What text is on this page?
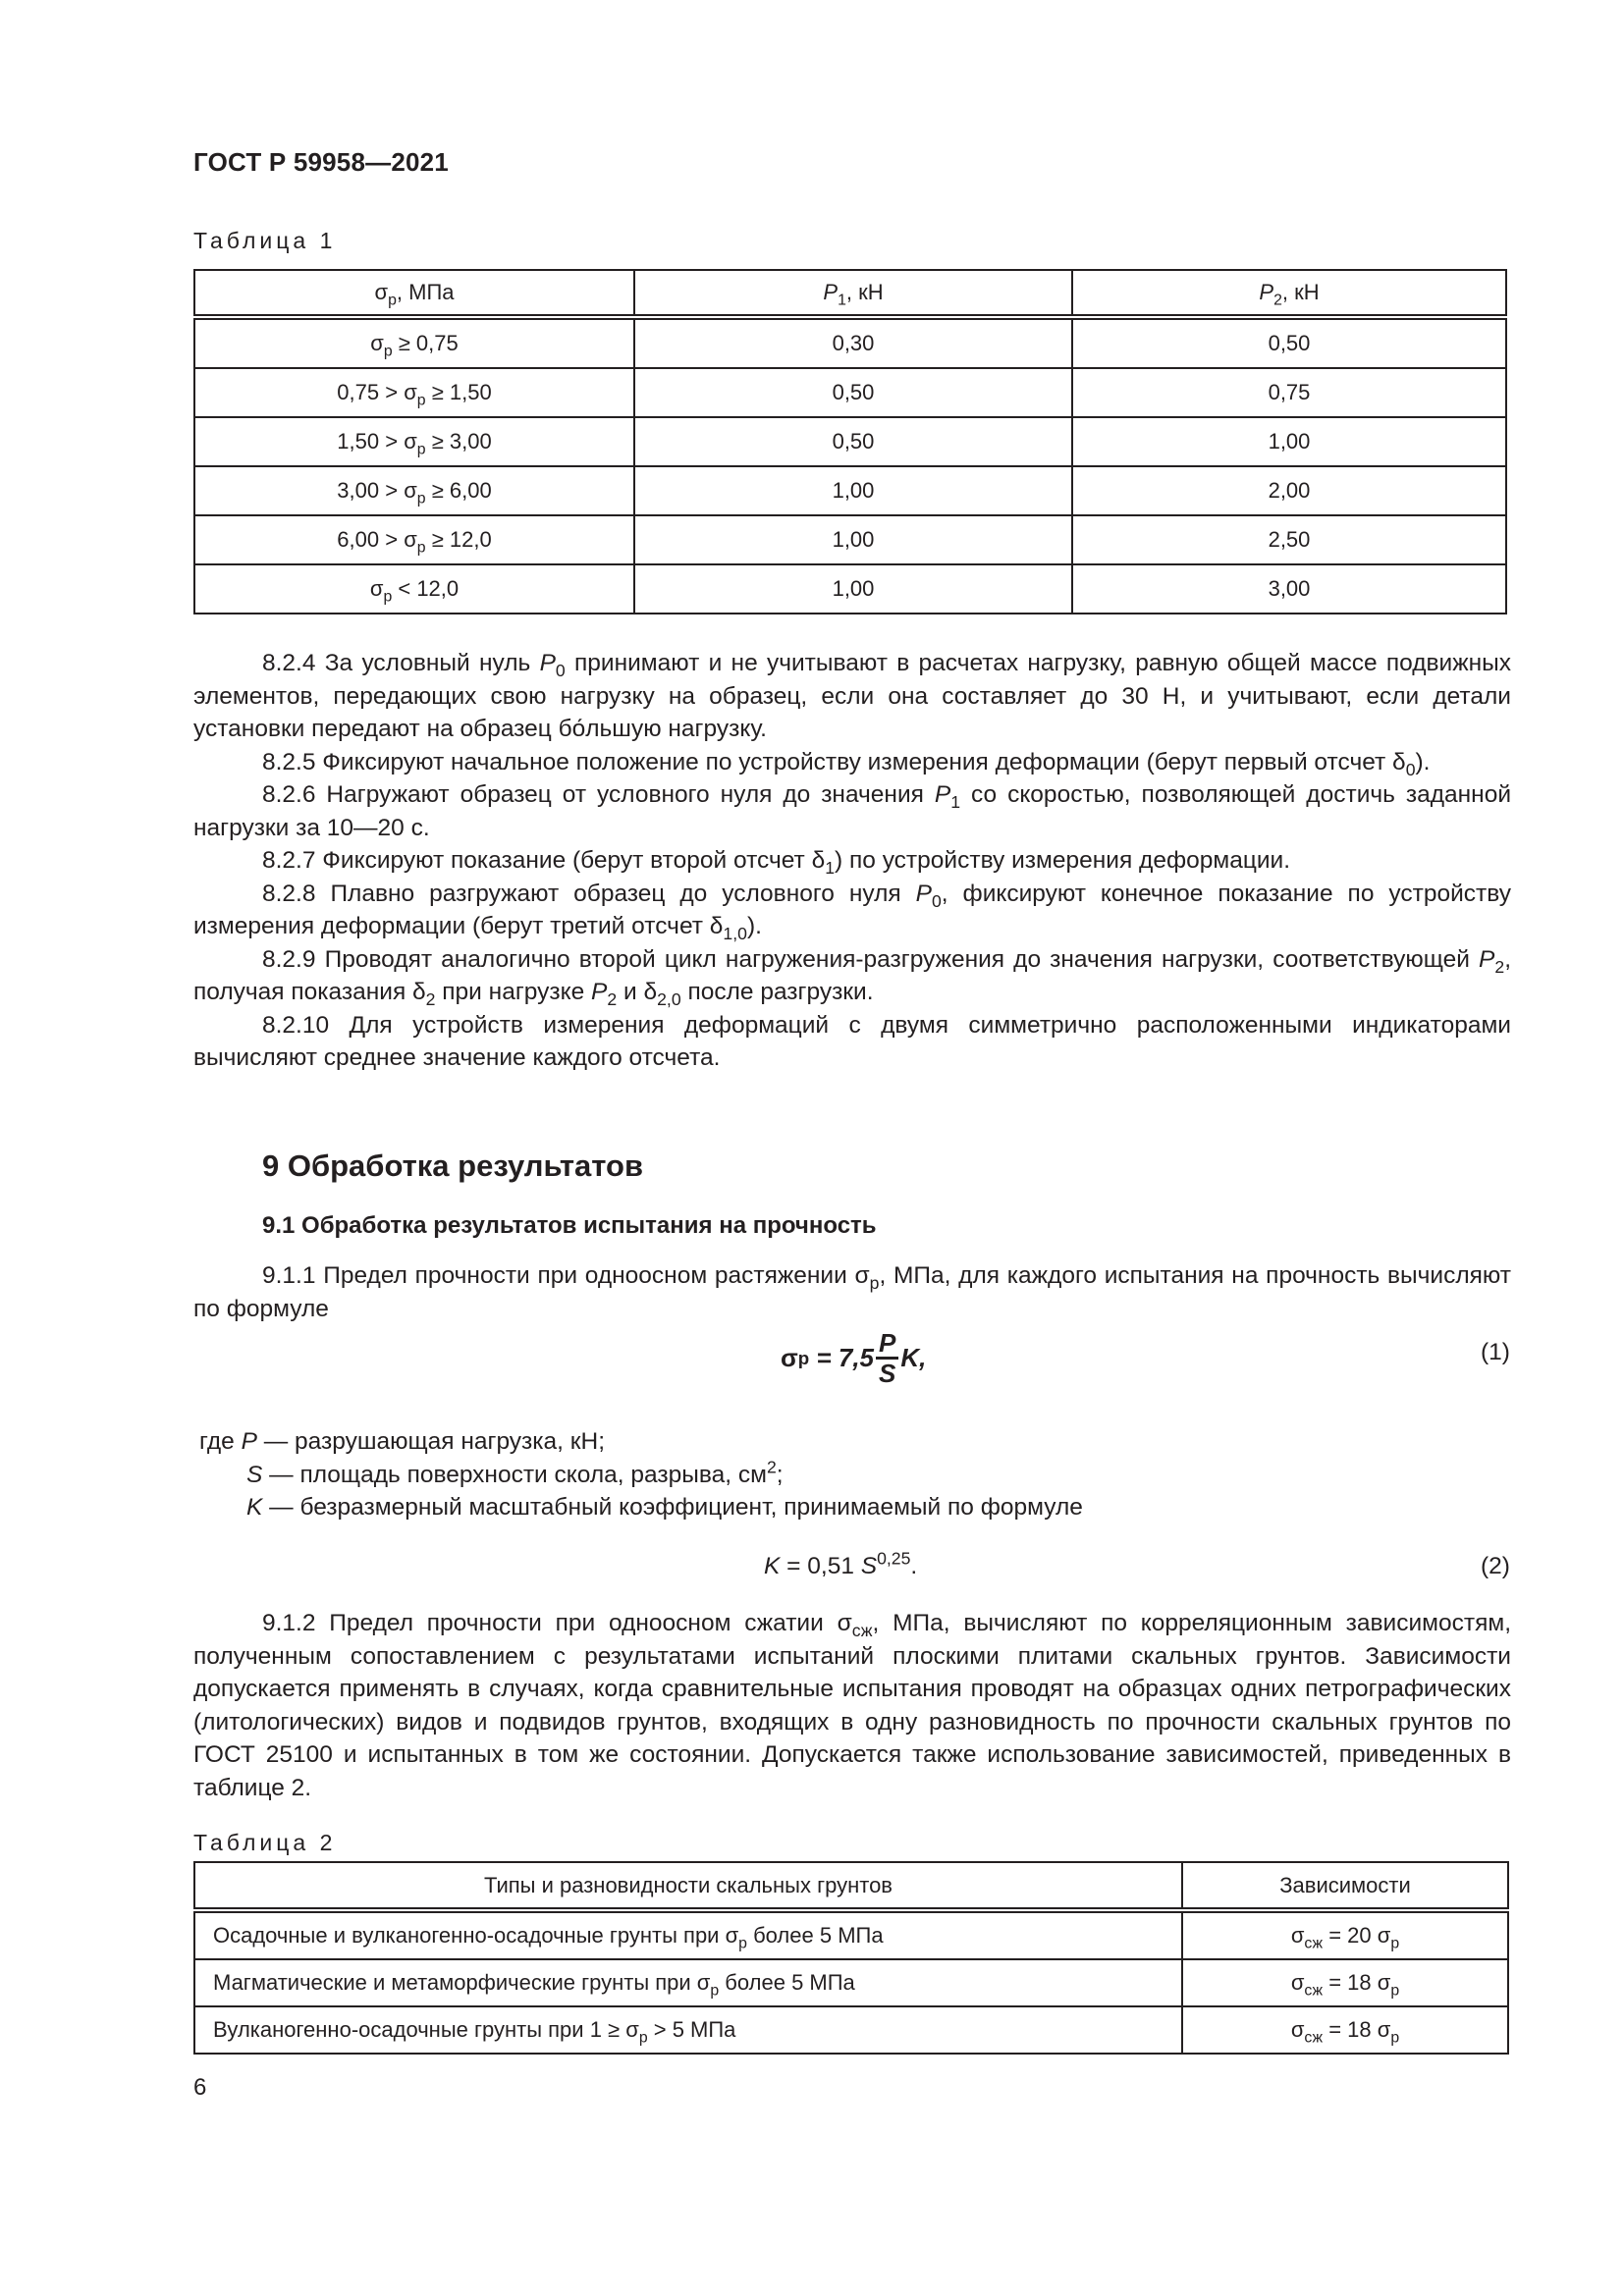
ГОСТ Р 59958—2021
Таблица 1
$\sigma_р$, МПа	$P_1$, кН	$P_2$, кН
$\sigma_р \ge 0,75$	0,30	0,50
$0,75 > \sigma_р \ge 1,50$	0,50	0,75
$1,50 > \sigma_р \ge 3,00$	0,50	1,00
$3,00 > \sigma_р \ge 6,00$	1,00	2,00
$6,00 > \sigma_р \ge 12,0$	1,00	2,50
$\sigma_р < 12,0$	1,00	3,00

8.2.4 За условный нуль $P_0$ принимают и не учитывают в расчетах нагрузку, равную общей массе подвижных элементов, передающих свою нагрузку на образец, если она составляет до 30 Н, и учитывают, если детали установки передают на образец бо́льшую нагрузку.

8.2.5 Фиксируют начальное положение по устройству измерения деформации (берут первый отсчет $\delta_0$).

8.2.6 Нагружают образец от условного нуля до значения $P_1$ со скоростью, позволяющей достичь заданной нагрузки за 10—20 с.

8.2.7 Фиксируют показание (берут второй отсчет $\delta_1$) по устройству измерения деформации.

8.2.8 Плавно разгружают образец до условного нуля $P_0$, фиксируют конечное показание по устройству измерения деформации (берут третий отсчет $\delta_{1,0}$).

8.2.9 Проводят аналогично второй цикл нагружения-разгружения до значения нагрузки, соответствующей $P_2$, получая показания $\delta_2$ при нагрузке $P_2$ и $\delta_{2,0}$ после разгрузки.

8.2.10 Для устройств измерения деформаций с двумя симметрично расположенными индикаторами вычисляют среднее значение каждого отсчета.

9 Обработка результатов
9.1 Обработка результатов испытания на прочность

9.1.1 Предел прочности при одноосном растяжении $\sigma_р$, МПа, для каждого испытания на прочность вычисляют по формуле

σ $р = 7,5 \frac{P}{S} K$,	(1)
где P — разрушающая нагрузка, кН;
S — площадь поверхности скола, разрыва, $см^2$;
K — безразмерный масштабный коэффициент, принимаемый по формуле
K = 0,51 S$^{0,25}$.	(2)

9.1.2 Предел прочности при одноосном сжатии $\sigma_{сж}$, МПа, вычисляют по корреляционным зависимостям, полученным сопоставлением с результатами испытаний плоскими плитами скальных грунтов. Зависимости допускается применять в случаях, когда сравнительные испытания проводят на образцах одних петрографических (литологических) видов и подвидов грунтов, входящих в одну разновидность по прочности скальных грунтов по ГОСТ 25100 и испытанных в том же состоянии. Допускается также использование зависимостей, приведенных в таблице 2.

Таблица 2
Типы и разновидности скальных грунтов	Зависимости
Осадочные и вулканогенно-осадочные грунты при $\sigma_р$ более 5 МПа	$\sigma_{сж} = 20$ $\sigma_р$
Магматические и метаморфические грунты при $\sigma_р$ более 5 МПа	$\sigma_{сж} = 18$ $\sigma_р$
Вулканогенно-осадочные грунты при $1 \ge \sigma_р > 5$ МПа	$\sigma_{сж} = 18$ $\sigma_р$
6
